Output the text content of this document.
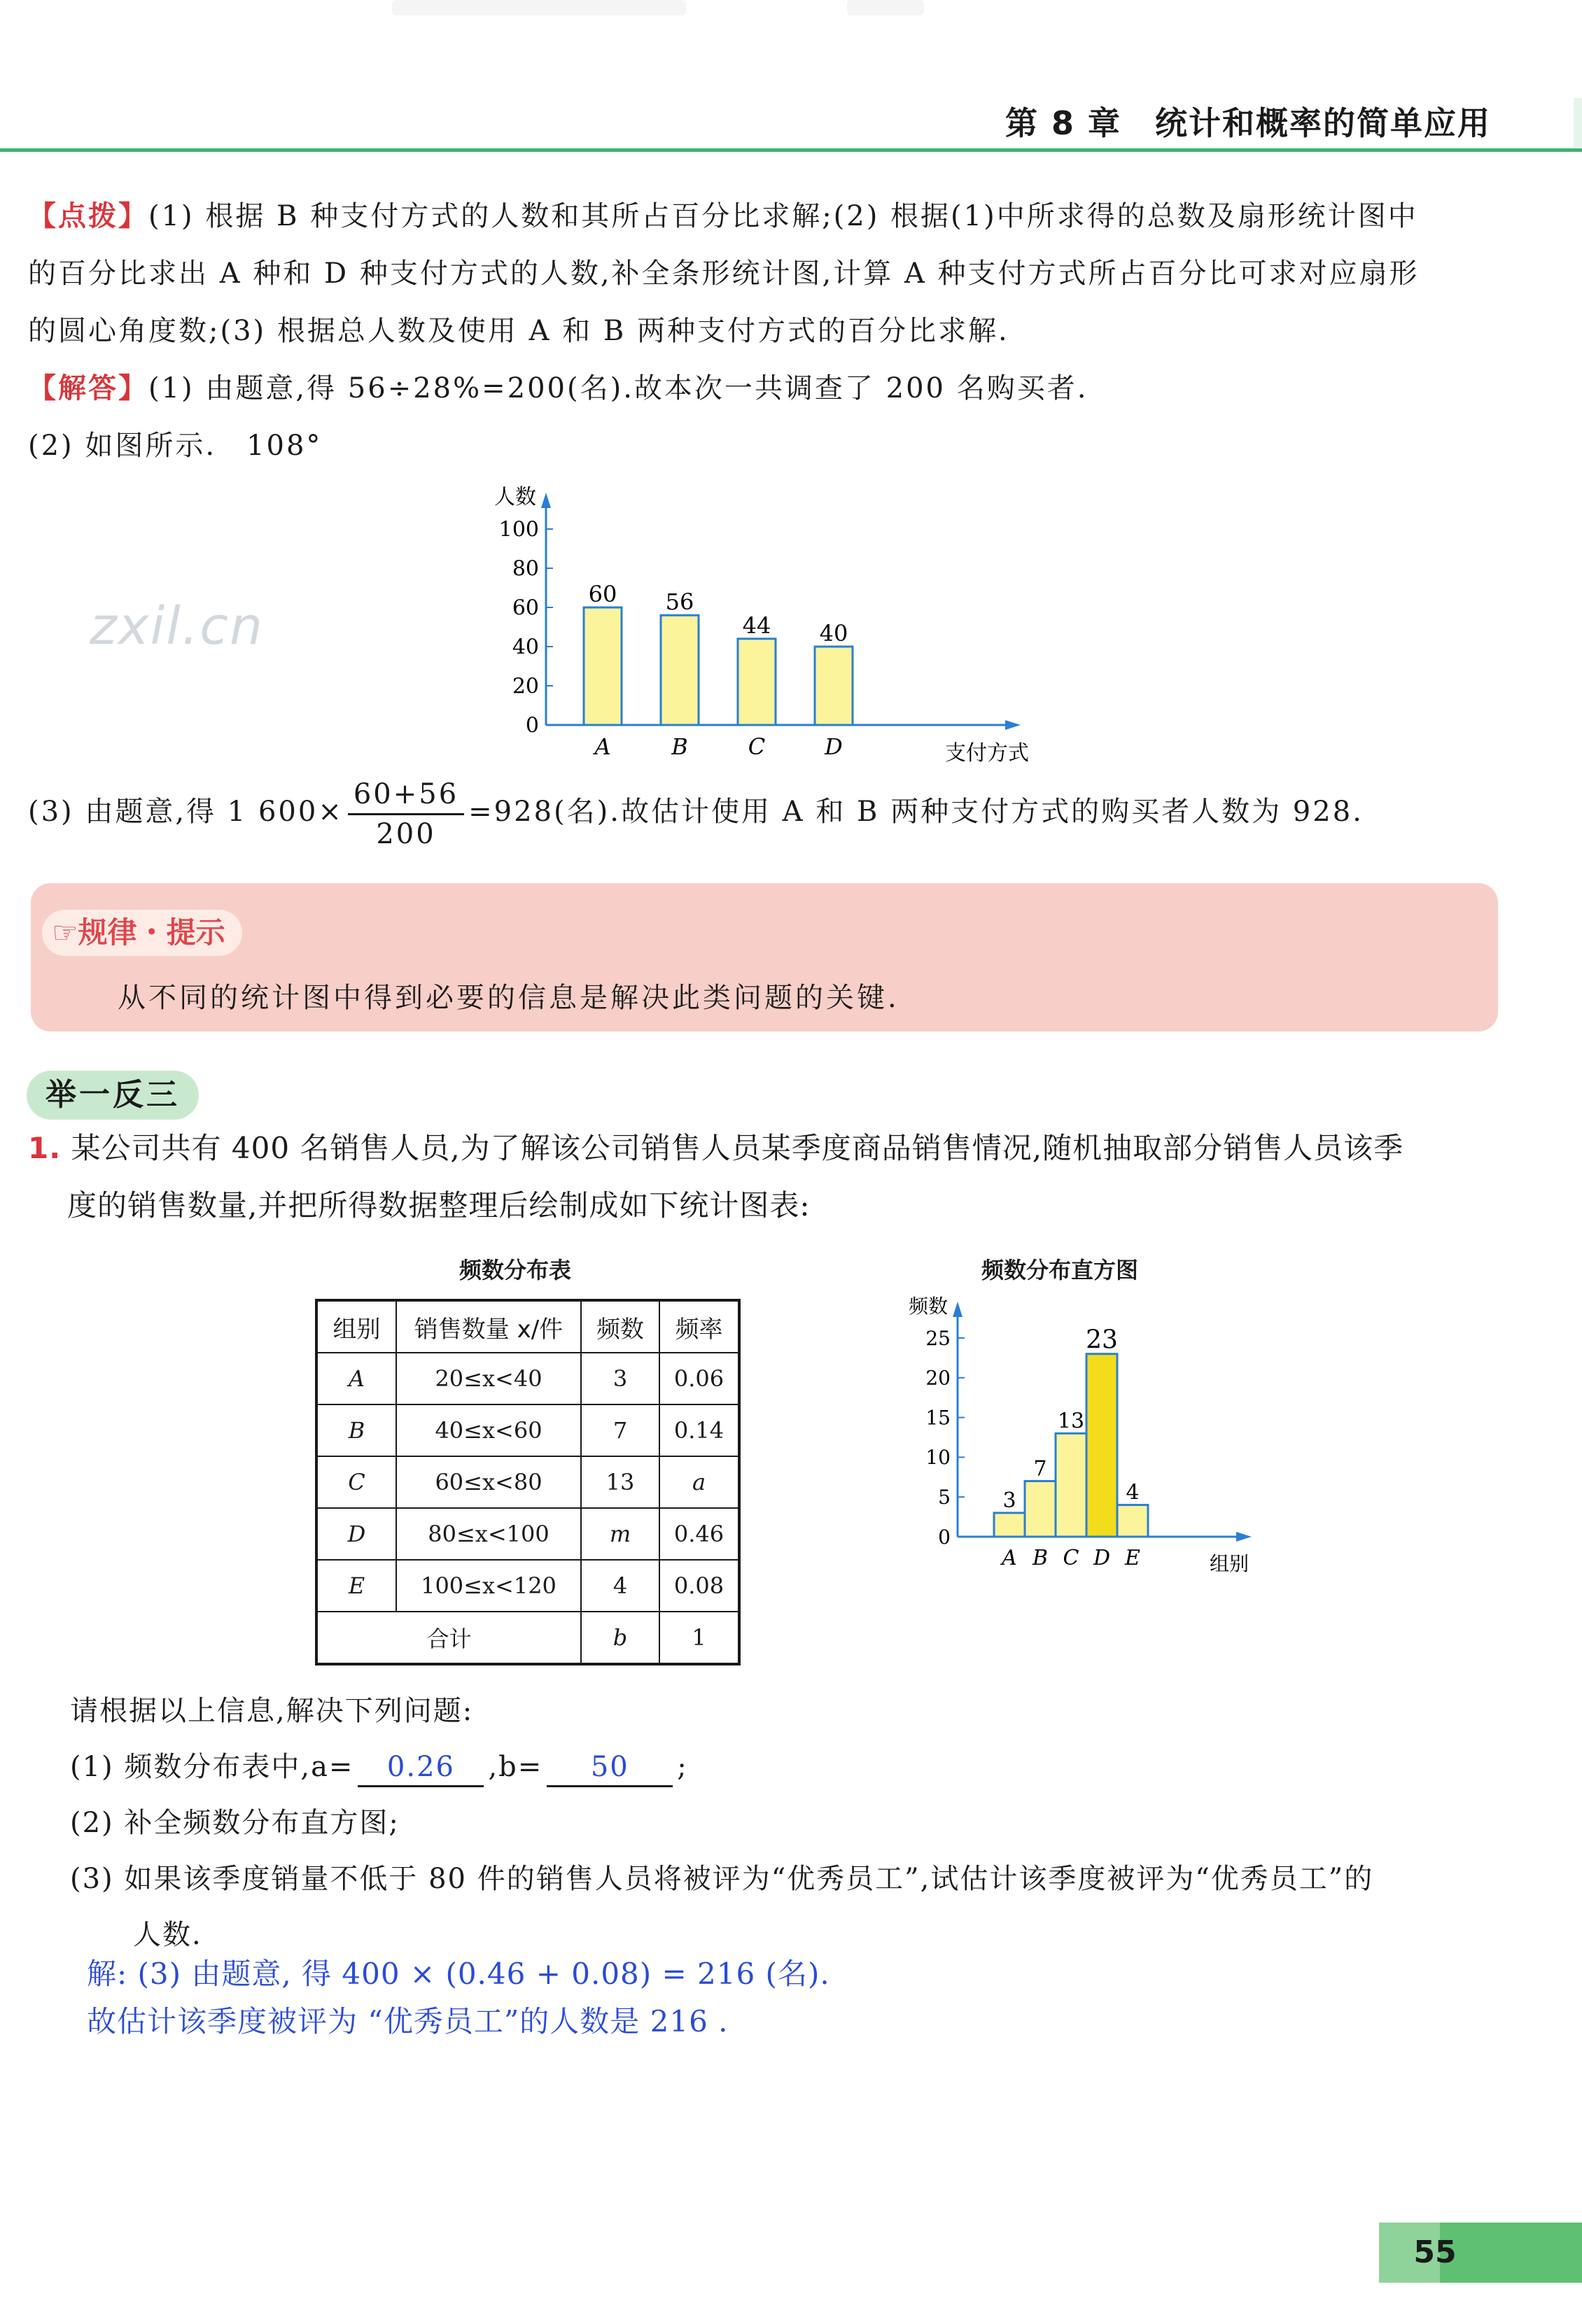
第 8 章　统计和概率的简单应用
【点拨】(1) 根据 B 种支付方式的人数和其所占百分比求解;(2) 根据(1)中所求得的总数及扇形统计图中
的百分比求出 A 种和 D 种支付方式的人数,补全条形统计图,计算 A 种支付方式所占百分比可求对应扇形
的圆心角度数;(3) 根据总人数及使用 A 和 B 两种支付方式的百分比求解.
【解答】(1) 由题意,得 56÷28%=200(名).故本次一共调查了 200 名购买者.
(2) 如图所示.　108°
zxil.cn
人数
0
20
40
60
80
100
60
A
56
B
44
C
40
D	支付方式
(3) 由题意,得 1 $600\times \frac{60+56}{200} =928$(名).故估计使用 A 和 B 两种支付方式的购买者人数为 928.
☞规律・提示
从不同的统计图中得到必要的信息是解决此类问题的关键.
举一反三
1. 某公司共有 400 名销售人员,为了解该公司销售人员某季度商品销售情况,随机抽取部分销售人员该季
度的销售数量,并把所得数据整理后绘制成如下统计图表:
频数分布表
组别	销售数量 x/件	频数	频率
A	20≤x<40	3	0.06
B	40≤x<60	7	0.14
C	60≤x<80	13	a
D	80≤x<100	m	0.46
E	100≤x<120	4	0.08
合计		b	1
频数分布直方图
频数
0
5
10
15
20
25
3
A
7
B
13
C
23
D
4
E	组别
请根据以上信息,解决下列问题:
(1) 频数分布表中,a= 0.26 ,b= 50 ;
(2) 补全频数分布直方图;
(3) 如果该季度销量不低于 80 件的销售人员将被评为“优秀员工”,试估计该季度被评为“优秀员工”的
人数.
解: (3) 由题意, 得 400 × (0.46 + 0.08) = 216 (名).
故估计该季度被评为 “优秀员工”的人数是 216 .
55
